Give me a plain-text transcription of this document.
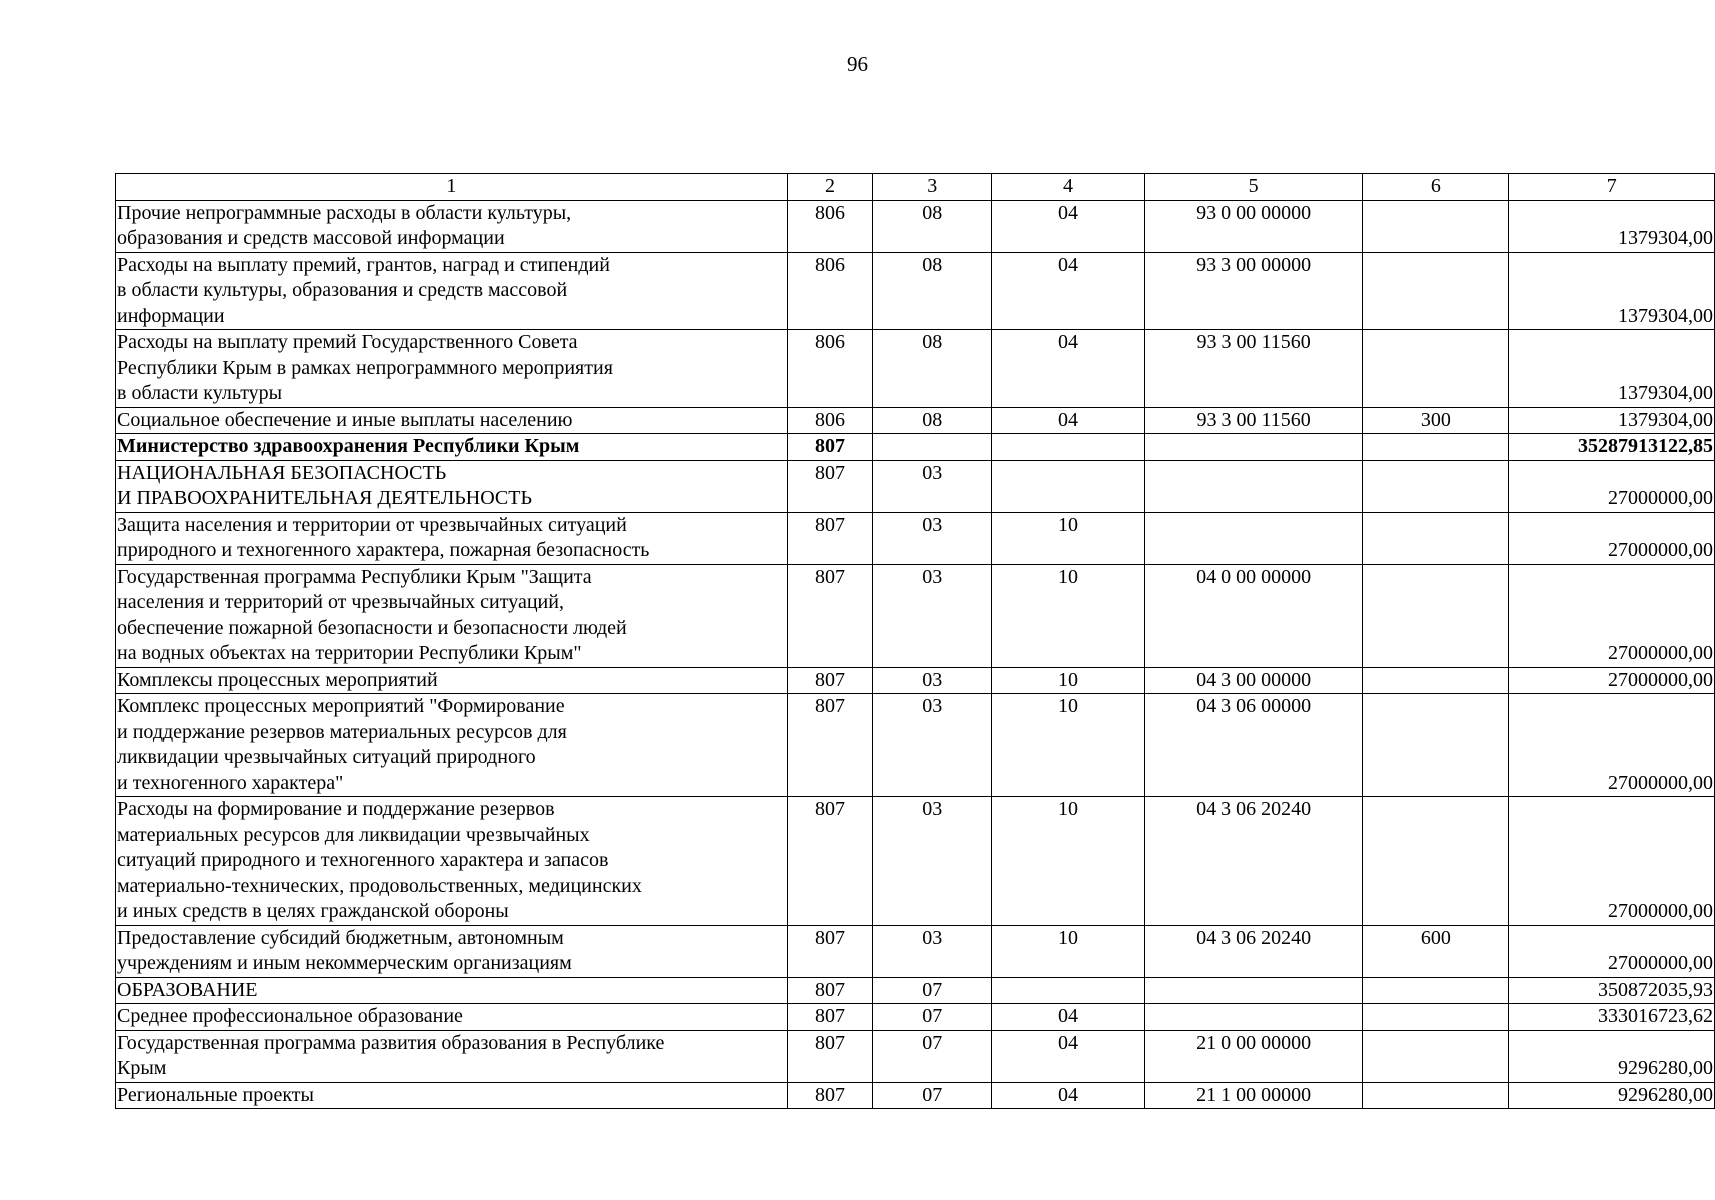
96
1	2	3	4	5	6	7
Прочие непрограммные расходы в области культуры,
образования и средств массовой информации	806	08	04	93 0 00 00000		1379304,00
Расходы на выплату премий, грантов, наград и стипендий
в области культуры, образования и средств массовой
информации	806	08	04	93 3 00 00000		1379304,00
Расходы на выплату премий Государственного Совета
Республики Крым в рамках непрограммного мероприятия
в области культуры	806	08	04	93 3 00 11560		1379304,00
Социальное обеспечение и иные выплаты населению	806	08	04	93 3 00 11560	300	1379304,00
Министерство здравоохранения Республики Крым	807					35287913122,85
НАЦИОНАЛЬНАЯ БЕЗОПАСНОСТЬ
И ПРАВООХРАНИТЕЛЬНАЯ ДЕЯТЕЛЬНОСТЬ	807	03				27000000,00
Защита населения и территории от чрезвычайных ситуаций
природного и техногенного характера, пожарная безопасность	807	03	10			27000000,00
Государственная программа Республики Крым "Защита
населения и территорий от чрезвычайных ситуаций,
обеспечение пожарной безопасности и безопасности людей
на водных объектах на территории Республики Крым"	807	03	10	04 0 00 00000		27000000,00
Комплексы процессных мероприятий	807	03	10	04 3 00 00000		27000000,00
Комплекс процессных мероприятий "Формирование
и поддержание резервов материальных ресурсов для
ликвидации чрезвычайных ситуаций природного
и техногенного характера"	807	03	10	04 3 06 00000		27000000,00
Расходы на формирование и поддержание резервов
материальных ресурсов для ликвидации чрезвычайных
ситуаций природного и техногенного характера и запасов
материально-технических, продовольственных, медицинских
и иных средств в целях гражданской обороны	807	03	10	04 3 06 20240		27000000,00
Предоставление субсидий бюджетным, автономным
учреждениям и иным некоммерческим организациям	807	03	10	04 3 06 20240	600	27000000,00
ОБРАЗОВАНИЕ	807	07				350872035,93
Среднее профессиональное образование	807	07	04			333016723,62
Государственная программа развития образования в Республике
Крым	807	07	04	21 0 00 00000		9296280,00
Региональные проекты	807	07	04	21 1 00 00000		9296280,00
